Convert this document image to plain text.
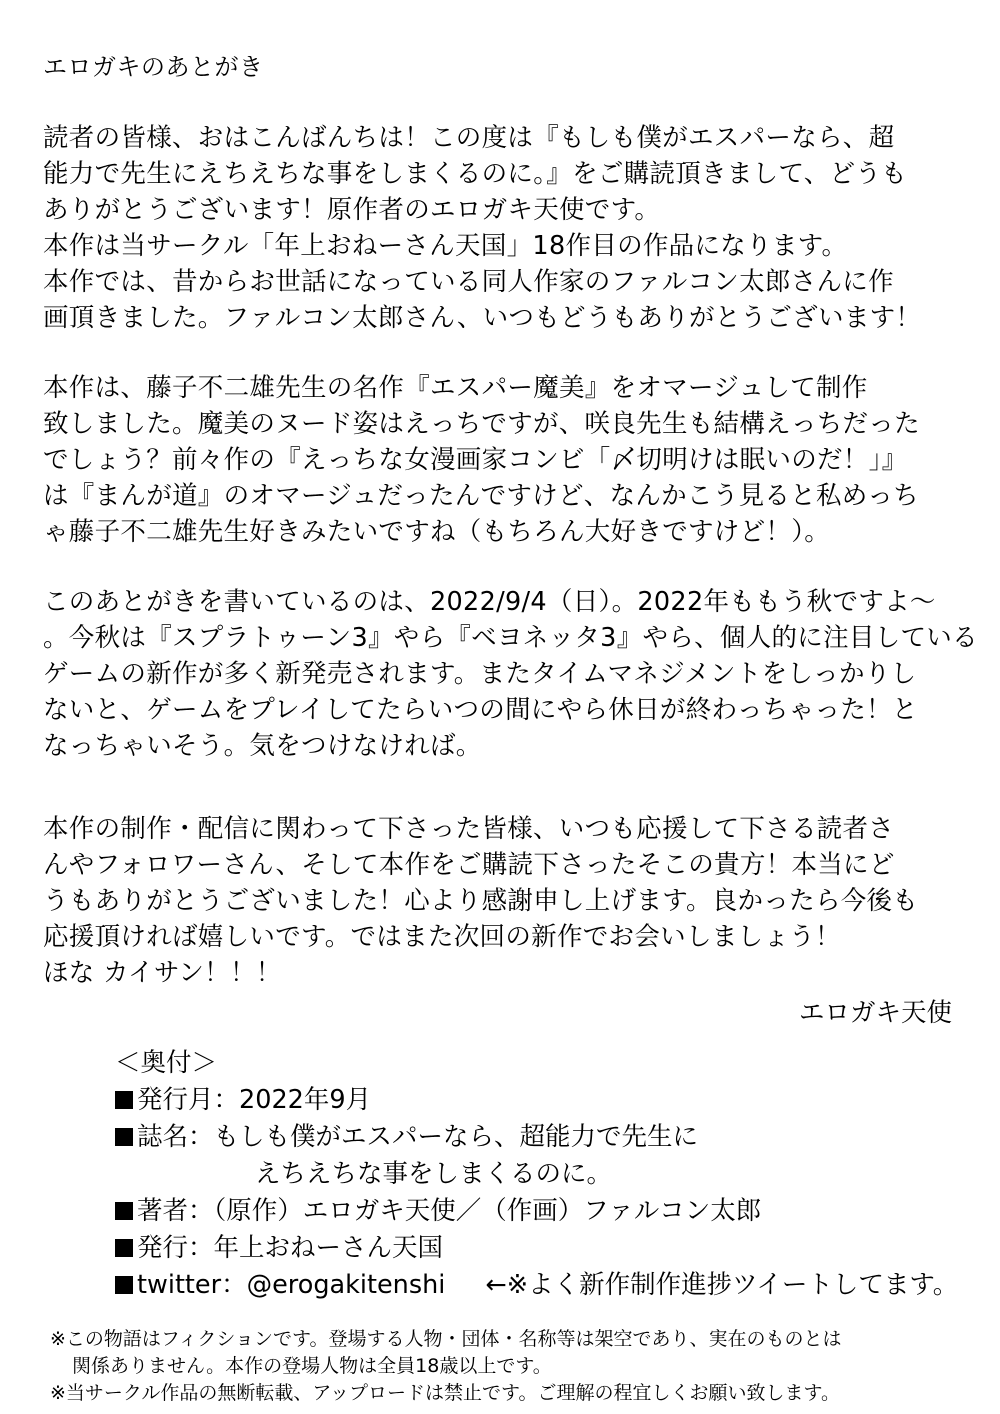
エロガキのあとがき
読者の皆様、おはこんばんちは！この度は『もしも僕がエスパーなら、超
能力で先生にえちえちな事をしまくるのに。』をご購読頂きまして、どうも
ありがとうございます！原作者のエロガキ天使です。
本作は当サークル「年上おねーさん天国」18作目の作品になります。
本作では、昔からお世話になっている同人作家のファルコン太郎さんに作
画頂きました。ファルコン太郎さん、いつもどうもありがとうございます！
本作は、藤子不二雄先生の名作『エスパー魔美』をオマージュして制作
致しました。魔美のヌード姿はえっちですが、咲良先生も結構えっちだった
でしょう？前々作の『えっちな女漫画家コンビ「〆切明けは眠いのだ！」』
は『まんが道』のオマージュだったんですけど、なんかこう見ると私めっち
ゃ藤子不二雄先生好きみたいですね（もちろん大好きですけど！）。
このあとがきを書いているのは、2022/9/4（日）。2022年ももう秋ですよ～
。今秋は『スプラトゥーン3』やら『ベヨネッタ3』やら、個人的に注目している
ゲームの新作が多く新発売されます。またタイムマネジメントをしっかりし
ないと、ゲームをプレイしてたらいつの間にやら休日が終わっちゃった！と
なっちゃいそう。気をつけなければ。
本作の制作・配信に関わって下さった皆様、いつも応援して下さる読者さ
んやフォロワーさん、そして本作をご購読下さったそこの貴方！本当にど
うもありがとうございました！心より感謝申し上げます。良かったら今後も
応援頂ければ嬉しいです。ではまた次回の新作でお会いしましょう！
ほな カイサン！！！
エロガキ天使
＜奥付＞
発行月：2022年9月
誌名：もしも僕がエスパーなら、超能力で先生に
えちえちな事をしまくるのに。
著者：（原作）エロガキ天使／（作画）ファルコン太郎
発行：年上おねーさん天国
twitter：@erogakitenshi ←※よく新作制作進捗ツイートしてます。
※この物語はフィクションです。登場する人物・団体・名称等は架空であり、実在のものとは
関係ありません。本作の登場人物は全員18歳以上です。
※当サークル作品の無断転載、アップロードは禁止です。ご理解の程宜しくお願い致します。
